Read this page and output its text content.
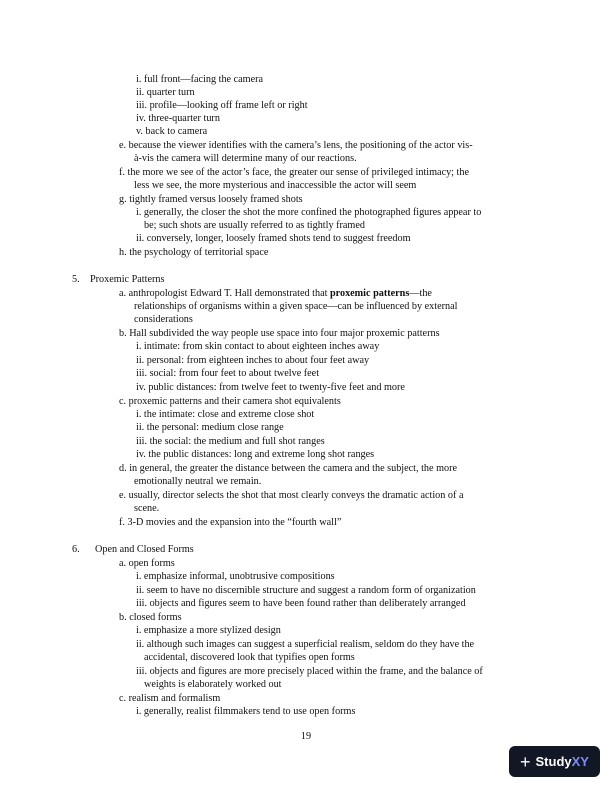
i. full front—facing the camera
ii. quarter turn
iii. profile—looking off frame left or right
iv. three-quarter turn
v. back to camera
e. because the viewer identifies with the camera’s lens, the positioning of the actor vis-
à-vis the camera will determine many of our reactions.
f. the more we see of the actor’s face, the greater our sense of privileged intimacy; the
less we see, the more mysterious and inaccessible the actor will seem
g. tightly framed versus loosely framed shots
i. generally, the closer the shot the more confined the photographed figures appear to
be; such shots are usually referred to as tightly framed
ii. conversely, longer, loosely framed shots tend to suggest freedom
h. the psychology of territorial space
5. Proxemic Patterns
a. anthropologist Edward T. Hall demonstrated that proxemic patterns—the
relationships of organisms within a given space—can be influenced by external
considerations
b. Hall subdivided the way people use space into four major proxemic patterns
i. intimate: from skin contact to about eighteen inches away
ii. personal: from eighteen inches to about four feet away
iii. social: from four feet to about twelve feet
iv. public distances: from twelve feet to twenty-five feet and more
c. proxemic patterns and their camera shot equivalents
i. the intimate: close and extreme close shot
ii. the personal: medium close range
iii. the social: the medium and full shot ranges
iv. the public distances: long and extreme long shot ranges
d. in general, the greater the distance between the camera and the subject, the more
emotionally neutral we remain.
e. usually, director selects the shot that most clearly conveys the dramatic action of a
scene.
f. 3-D movies and the expansion into the “fourth wall”
6. Open and Closed Forms
a. open forms
i. emphasize informal, unobtrusive compositions
ii. seem to have no discernible structure and suggest a random form of organization
iii. objects and figures seem to have been found rather than deliberately arranged
b. closed forms
i. emphasize a more stylized design
ii. although such images can suggest a superficial realism, seldom do they have the
accidental, discovered look that typifies open forms
iii. objects and figures are more precisely placed within the frame, and the balance of
weights is elaborately worked out
c. realism and formalism
i. generally, realist filmmakers tend to use open forms
19
+ Study XY
